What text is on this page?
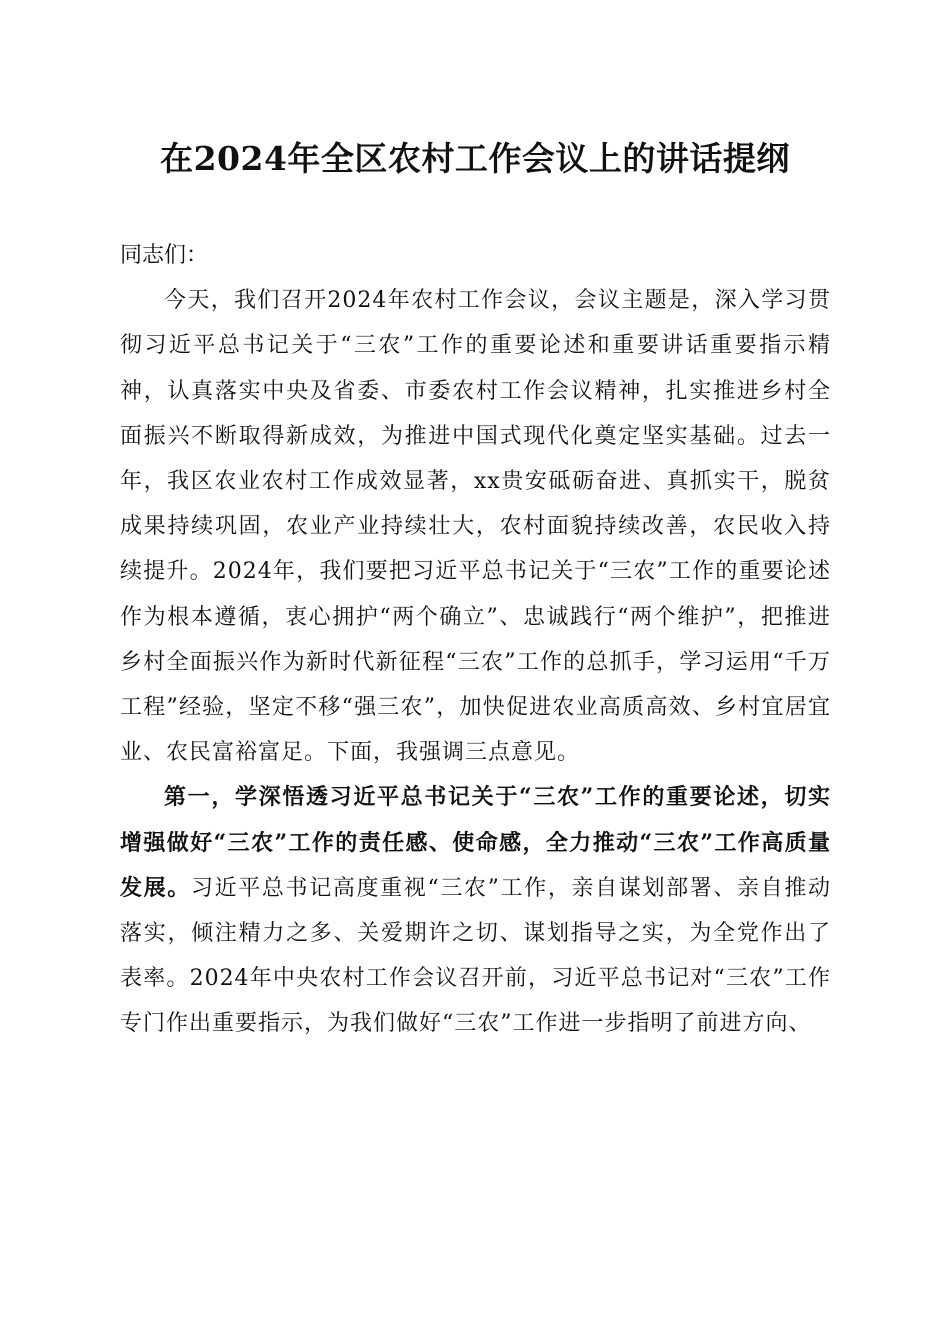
在2024年全区农村工作会议上的讲话提纲

同志们：

今天，我们召开2024年农村工作会议，会议主题是，深入学习贯彻习近平总书记关于“三农”工作的重要论述和重要讲话重要指示精神，认真落实中央及省委、市委农村工作会议精神，扎实推进乡村全面振兴不断取得新成效，为推进中国式现代化奠定坚实基础。过去一年，我区农业农村工作成效显著，xx贵安砥砺奋进、真抓实干，脱贫成果持续巩固，农业产业持续壮大，农村面貌持续改善，农民收入持续提升。2024年，我们要把习近平总书记关于“三农”工作的重要论述作为根本遵循，衷心拥护“两个确立”、忠诚践行“两个维护”，把推进乡村全面振兴作为新时代新征程“三农”工作的总抓手，学习运用“千万工程”经验，坚定不移“强三农”，加快促进农业高质高效、乡村宜居宜业、农民富裕富足。下面，我强调三点意见。

第一，学深悟透习近平总书记关于“三农”工作的重要论述，切实增强做好“三农”工作的责任感、使命感，全力推动“三农”工作高质量发展。习近平总书记高度重视“三农”工作，亲自谋划部署、亲自推动落实，倾注精力之多、关爱期许之切、谋划指导之实，为全党作出了表率。2024年中央农村工作会议召开前，习近平总书记对“三农”工作专门作出重要指示，为我们做好“三农”工作进一步指明了前进方向、
